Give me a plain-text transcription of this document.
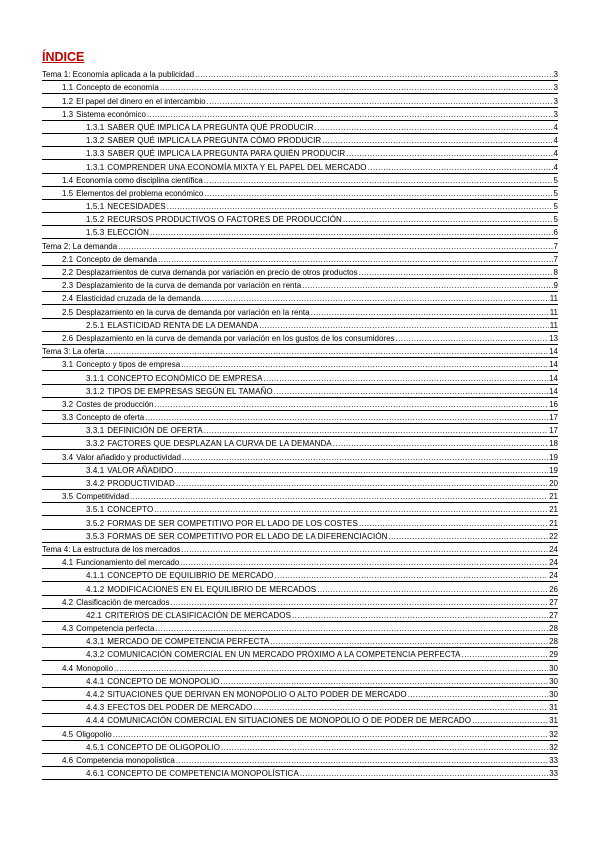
ÍNDICE
Tema 1: Economía aplicada a la publicidad .....	3
1.1 Concepto de economía .....	3
1.2 El papel del dinero en el intercambio .....	3
1.3 Sistema económico .....	3
1.3.1 SABER QUÉ IMPLICA LA PREGUNTA QUÉ PRODUCIR .....	4
1.3.2 SABER QUÉ IMPLICA LA PREGUNTA CÓMO PRODUCIR .....	4
1.3.3 SABER QUÉ IMPLICA LA PREGUNTA PARA QUIÉN PRODUCIR .....	4
1.3.1 COMPRENDER UNA ECONOMÍA MIXTA Y EL PAPEL DEL MERCADO .....	4
1.4 Economía como disciplina científica .....	5
1.5 Elementos del problema económico .....	5
1.5.1 NECESIDADES .....	5
1.5.2 RECURSOS PRODUCTIVOS O FACTORES DE PRODUCCIÓN .....	5
1.5.3 ELECCIÓN .....	6
Tema 2: La demanda .....	7
2.1 Concepto de demanda .....	7
2.2 Desplazamientos de curva demanda por variación en precio de otros productos .....	8
2.3 Desplazamiento de la curva de demanda por variación en renta .....	9
2.4 Elasticidad cruzada de la demanda .....	11
2.5 Desplazamiento en la curva de demanda por variación en la renta .....	11
2.5.1 ELASTICIDAD RENTA DE LA DEMANDA .....	11
2.6 Desplazamiento en la curva de demanda por variación en los gustos de los consumidores .....	13
Tema 3: La oferta .....	14
3.1 Concepto y tipos de empresa .....	14
3.1.1 CONCEPTO ECONÓMICO DE EMPRESA .....	14
3.1.2 TIPOS DE EMPRESAS SEGÚN EL TAMAÑO .....	14
3.2 Costes de producción .....	16
3.3 Concepto de oferta .....	17
3.3.1 DEFINICIÓN DE OFERTA .....	17
3.3.2 FACTORES QUE DESPLAZAN LA CURVA DE LA DEMANDA .....	18
3.4 Valor añadido y productividad .....	19
3.4.1 VALOR AÑADIDO .....	19
3.4.2 PRODUCTIVIDAD .....	20
3.5 Competitividad .....	21
3.5.1 CONCEPTO .....	21
3.5.2 FORMAS DE SER COMPETITIVO POR EL LADO DE LOS COSTES .....	21
3.5.3 FORMAS DE SER COMPETITIVO POR EL LADO DE LA DIFERENCIACIÓN .....	22
Tema 4: La estructura de los mercados .....	24
4.1 Funcionamiento del mercado .....	24
4.1.1 CONCEPTO DE EQUILIBRIO DE MERCADO .....	24
4.1.2 MODIFICACIONES EN EL EQUILIBRIO DE MERCADOS .....	26
4.2 Clasificación de mercados .....	27
42.1 CRITERIOS DE CLASIFICACIÓN DE MERCADOS .....	27
4.3 Competencia perfecta .....	28
4.3.1 MERCADO DE COMPETENCIA PERFECTA .....	28
4.3.2 COMUNICACIÓN COMERCIAL EN UN MERCADO PRÓXIMO A LA COMPETENCIA PERFECTA .....	29
4.4 Monopolio .....	30
4.4.1 CONCEPTO DE MONOPOLIO .....	30
4.4.2 SITUACIONES QUE DERIVAN EN MONOPOLIO O ALTO PODER DE MERCADO .....	30
4.4.3 EFECTOS DEL PODER DE MERCADO .....	31
4.4.4 COMUNICACIÓN COMERCIAL EN SITUACIONES DE MONOPOLIO O DE PODER DE MERCADO .....	31
4.5 Oligopolio .....	32
4.5.1 CONCEPTO DE OLIGOPOLIO .....	32
4.6 Competencia monopolística .....	33
4.6.1 CONCEPTO DE COMPETENCIA MONOPOLÍSTICA .....	33
